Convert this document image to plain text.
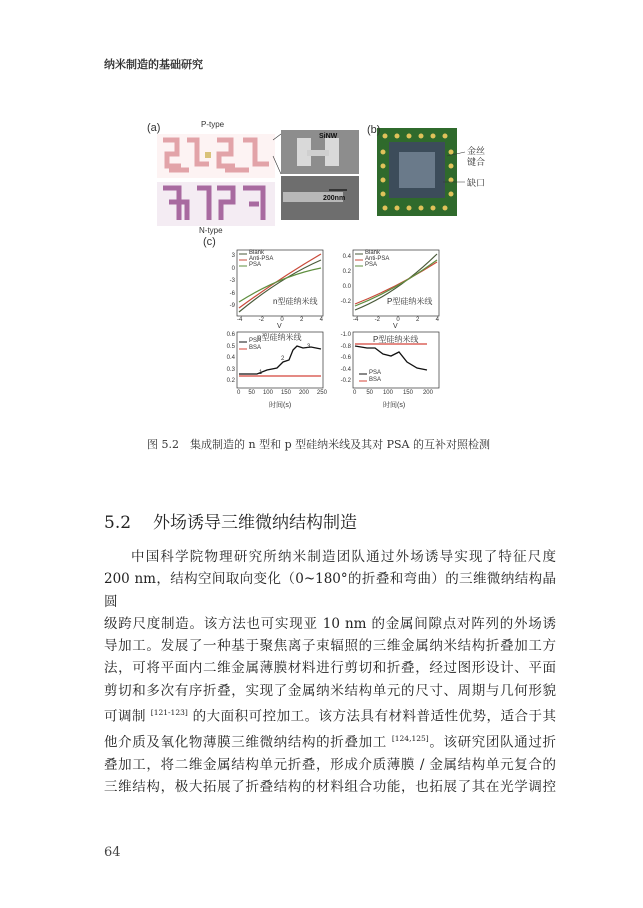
纳米制造的基础研究
SiNW
200nm
(a)	(b)
(c)
P-type
N-type
金丝
键合
缺口
Blank
Anti-PSA
PSA
Blank
Anti-PSA
PSA
PSA
BSA
PSA
BSA
n型硅纳米线	P型硅纳米线
n型硅纳米线	P型硅纳米线
3
0
-3
-6
-9
0.4
0.2
0.0
-0.2
0.6
0.5
0.4
0.3
0.2
-1.0
-0.8
-0.6
-0.4
-0.2
-4	-2	0	2	4	-4	-2	0	2	4
V	V
0 50 100 150 200 250	0 50 100 150 200
时间(s)	时间(s)
1
2
3
图 5.2　集成制造的 n 型和 p 型硅纳米线及其对 PSA 的互补对照检测
5.2 外场诱导三维微纳结构制造
中国科学院物理研究所纳米制造团队通过外场诱导实现了特征尺度
200 nm，结构空间取向变化（0~180°的折叠和弯曲）的三维微纳结构晶圆
级跨尺度制造。该方法也可实现亚 10 nm 的金属间隙点对阵列的外场诱
导加工。发展了一种基于聚焦离子束辐照的三维金属纳米结构折叠加工方
法，可将平面内二维金属薄膜材料进行剪切和折叠，经过图形设计、平面
剪切和多次有序折叠，实现了金属纳米结构单元的尺寸、周期与几何形貌
可调制 [121-123] 的大面积可控加工。该方法具有材料普适性优势，适合于其
他介质及氧化物薄膜三维微纳结构的折叠加工 [124,125]。该研究团队通过折
叠加工，将二维金属结构单元折叠，形成介质薄膜 / 金属结构单元复合的
三维结构，极大拓展了折叠结构的材料组合功能，也拓展了其在光学调控
64
